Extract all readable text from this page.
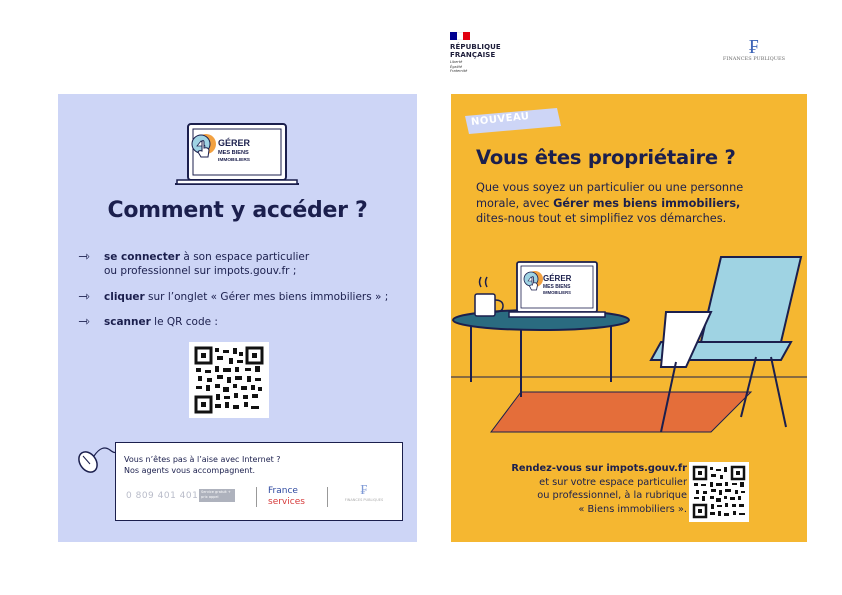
RÉPUBLIQUE
FRANÇAISE
Liberté
Égalité
Fraternité
₣
FINANCES PUBLIQUES
GÉRER
MES BIENS
IMMOBILIERS
Comment y accéder ?
⇾ se connecter à son espace particulier
ou professionnel sur impots.gouv.fr ;
⇾ cliquer sur l’onglet « Gérer mes biens immobiliers » ;
⇾ scanner le QR code :
Vous n’êtes pas à l’aise avec Internet ?
Nos agents vous accompagnent.
0 809 401 401 Service gratuit + prix appel
France
services
₣
FINANCES PUBLIQUES
NOUVEAU
Vous êtes propriétaire ?
Que vous soyez un particulier ou une personne
morale, avec Gérer mes biens immobiliers,
dites-nous tout et simplifiez vos démarches.
GÉRER
MES BIENS
IMMOBILIERS
Rendez-vous sur impots.gouv.fr
et sur votre espace particulier
ou professionnel, à la rubrique
« Biens immobiliers ».
